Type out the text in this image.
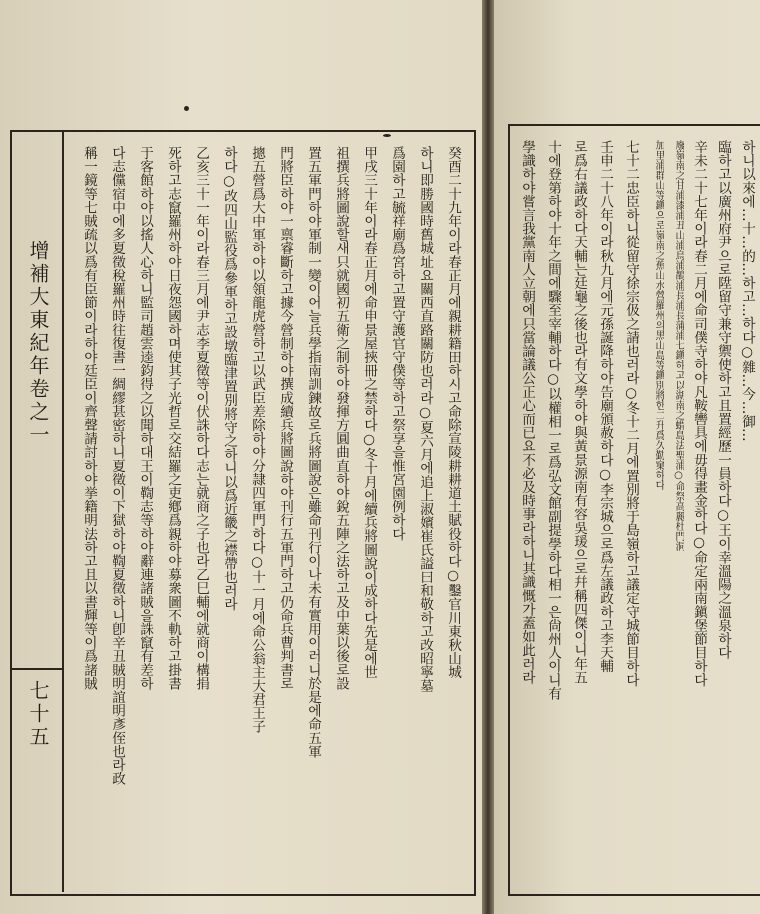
增補大東紀年卷之一
七十五
癸酉二十九年이라春正月에親耕籍田하시고命除宣陵耕耕道土賦役하다○鑿官川東秋山城
하니即勝國時舊城址요關西直路關防也러라○夏六月에追上淑嬪崔氏謚曰和敬하고改昭寧墓
爲園하고毓祥廟爲宮하고置守護官守僕等하고祭享을惟宮園例하다
甲戌三十年이라春正月에命申景屋挾冊之禁하다○冬十月에續兵將圖說이成하다先是에世
祖撰兵將圖說할새只就國初五衛之制하야發揮方圓曲直하야銳五陣之法하고及中葉以後로設
置五軍門하야軍制一變이어늘兵學指南訓鍊故로兵將圖說은雖命刊行이나未有實用이러니於是에命五軍
門將臣하야一禀睿斷하고據今營制하야撰成續兵將圖說하야刊行五軍門하고仍命兵曹判書로
摠五營爲大中軍하야以領龍虎營하고以武臣差除하야分隷四軍門하다○十一月에命公翁主大君王子
하다○改四山監役爲參軍하고設墩臨津置別將守之하니以爲近畿之襟帶也러라
乙亥三十一年이라春三月에尹志李夏徵等이伏誅하다志는就商之子也라乙巳輔에就商이構捐
死하고志竄羅州하야日夜怨國하며使其子光哲로交結羅之吏鄕爲親하야募衆圖不軌하고掛書
于客館하야以搖人心하니監司趙雲逵鈞得之以聞하대王이鞫志等하야辭連諸賊을誅竄有差하
다志儻宿中에多夏徵稅羅州時往復書一綢繆甚密하니夏徵이下獄하야鞫夏徵하니卽辛丑賊明誼明彥侄也라政
稱一鏡等七賊疏以爲有臣節이라하야廷臣이齊聲請討하야挙籍明法하고且以書輝等이爲諸賊	하니以來에…十…的…하고…하다○雜…今…御…
臨하고以廣州府尹으로陞留守兼守禦使하고且置經歷一員하다○王이幸溫陽之溫泉하다
辛未二十七年이라春二月에命司僕寺하야凡鞍轡具에毋得畫金하다○命定兩南鎭堡節目하다
廢嶺南之甘浦漆浦丑山浦烏浦鵲浦長浦長蒲浦七鎭하고以湖南之蝟島法聖浦○命祭高麗杜門洞
加里浦群山等鎭으로嶺南之蕉山水營羅州의黑山島等鎭別將한二升爲久勤窠하다
七十二忠臣하니從留守徐宗伋之請也러라○冬十二月에置別將于島嶺하고議定守城節目하다
壬申二十八年이라秋九月에元孫誕降하야告廟頒赦하다○李宗城으로爲左議政하고李天輔
로爲右議政하다天輔는廷龜之後也라有文學하야與黃景源南有容吳瑗으로幷稱四傑이니年五
十에登第하야十年之間에驟至宰輔하다○以權相一로爲弘文館副提學하다相一은尙州人이니有
學識하야嘗言我黨南人立朝에只當論議公正心而已요不必及時事라하니其識慨가蓋如此러라
